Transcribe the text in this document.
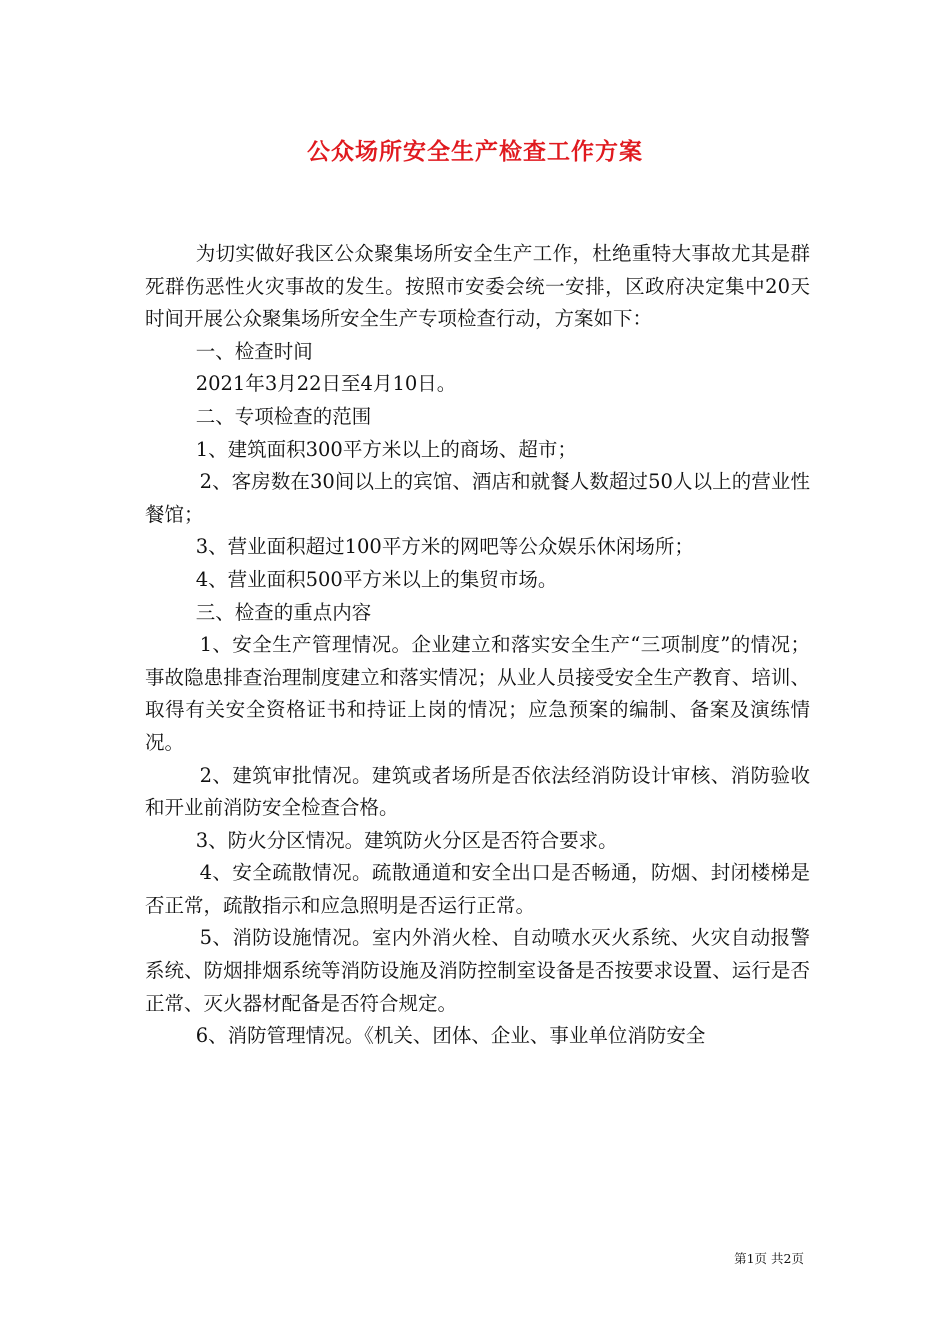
公众场所安全生产检查工作方案

为切实做好我区公众聚集场所安全生产工作，杜绝重特大事故尤其是群死群伤恶性火灾事故的发生。按照市安委会统一安排，区政府决定集中20天时间开展公众聚集场所安全生产专项检查行动，方案如下：

一、检查时间

2021年3月22日至4月10日。

二、专项检查的范围

1、建筑面积300平方米以上的商场、超市；

2、客房数在30间以上的宾馆、酒店和就餐人数超过50人以上的营业性餐馆；

3、营业面积超过100平方米的网吧等公众娱乐休闲场所；

4、营业面积500平方米以上的集贸市场。

三、检查的重点内容

1、安全生产管理情况。企业建立和落实安全生产“三项制度”的情况；事故隐患排查治理制度建立和落实情况；从业人员接受安全生产教育、培训、取得有关安全资格证书和持证上岗的情况；应急预案的编制、备案及演练情况。

2、建筑审批情况。建筑或者场所是否依法经消防设计审核、消防验收和开业前消防安全检查合格。

3、防火分区情况。建筑防火分区是否符合要求。

4、安全疏散情况。疏散通道和安全出口是否畅通，防烟、封闭楼梯是否正常，疏散指示和应急照明是否运行正常。

5、消防设施情况。室内外消火栓、自动喷水灭火系统、火灾自动报警系统、防烟排烟系统等消防设施及消防控制室设备是否按要求设置、运行是否正常、灭火器材配备是否符合规定。

6、消防管理情况。《机关、团体、企业、事业单位消防安全

第1页 共2页
